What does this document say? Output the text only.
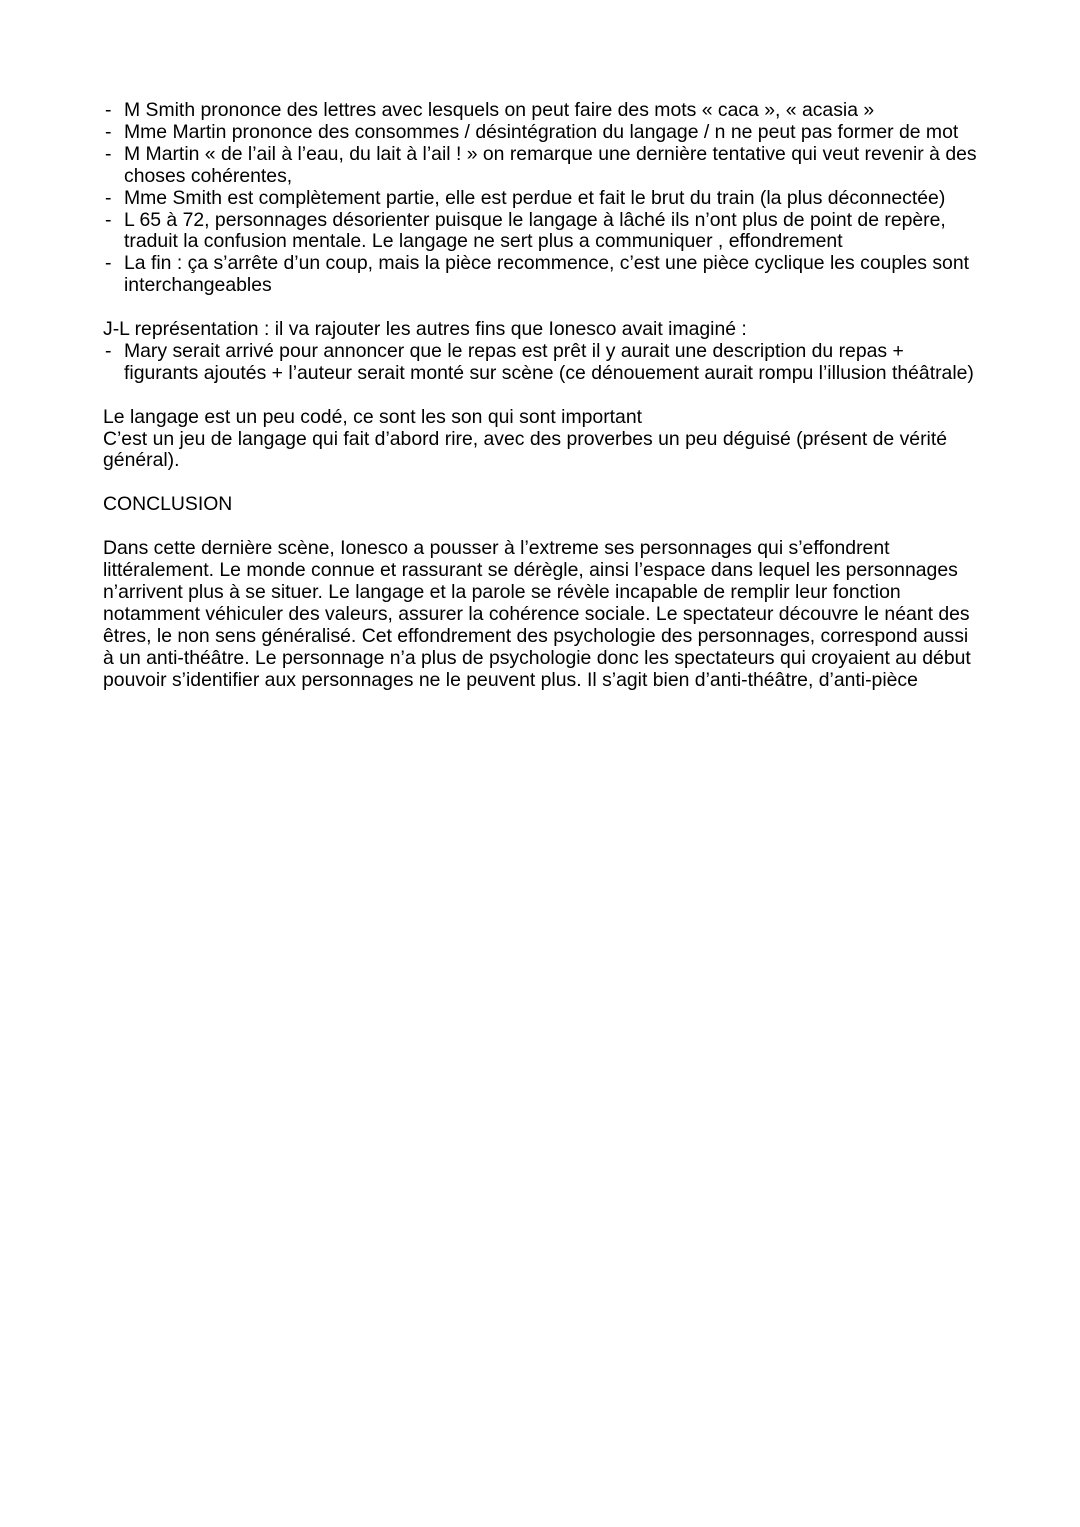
- M Smith prononce des lettres avec lesquels on peut faire des mots « caca », « acasia »
- Mme Martin prononce des consommes / désintégration du langage / n ne peut pas former de mot
- M Martin « de l’ail à l’eau, du lait à l’ail ! » on remarque une dernière tentative qui veut revenir à des choses cohérentes,
- Mme Smith est complètement partie, elle est perdue et fait le brut du train (la plus déconnectée)
- L 65 à 72, personnages désorienter puisque le langage à lâché ils n’ont plus de point de repère, traduit la confusion mentale. Le langage ne sert plus a communiquer , effondrement
- La fin : ça s’arrête d’un coup, mais la pièce recommence, c’est une pièce cyclique les couples sont interchangeables

J-L représentation : il va rajouter les autres fins que Ionesco avait imaginé :

- Mary serait arrivé pour annoncer que le repas est prêt il y aurait une description du repas + figurants ajoutés + l’auteur serait monté sur scène (ce dénouement aurait rompu l’illusion théâtrale)

Le langage est un peu codé, ce sont les son qui sont important

C’est un jeu de langage qui fait d’abord rire, avec des proverbes un peu déguisé (présent de vérité général).

CONCLUSION

Dans cette dernière scène, Ionesco a pousser à l’extreme ses personnages qui s’effondrent littéralement. Le monde connue et rassurant se dérègle, ainsi l’espace dans lequel les personnages n’arrivent plus à se situer. Le langage et la parole se révèle incapable de remplir leur fonction notamment véhiculer des valeurs, assurer la cohérence sociale. Le spectateur découvre le néant des êtres, le non sens généralisé. Cet effondrement des psychologie des personnages, correspond aussi à un anti-théâtre. Le personnage n’a plus de psychologie donc les spectateurs qui croyaient au début pouvoir s’identifier aux personnages ne le peuvent plus. Il s’agit bien d’anti-théâtre, d’anti-pièce
